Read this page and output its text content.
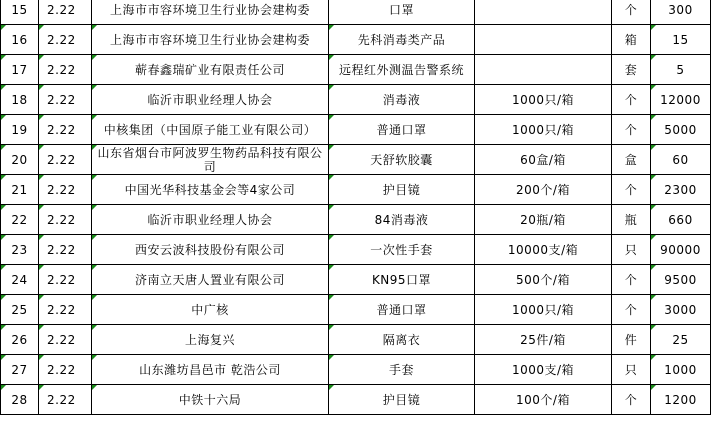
15	2.22	上海市市容环境卫生行业协会建构委	口罩		个	300
16	2.22	上海市市容环境卫生行业协会建构委	先科消毒类产品		箱	15
17	2.22	蕲春鑫瑞矿业有限责任公司	远程红外测温告警系统		套	5
18	2.22	临沂市职业经理人协会	消毒液	1000只/箱	个	12000
19	2.22	中核集团（中国原子能工业有限公司）	普通口罩	1000只/箱	个	5000
20	2.22	山东省烟台市阿波罗生物药品科技有限公司	天舒软胶囊	60盒/箱	盒	60
21	2.22	中国光华科技基金会等4家公司	护目镜	200个/箱	个	2300
22	2.22	临沂市职业经理人协会	84消毒液	20瓶/箱	瓶	660
23	2.22	西安云波科技股份有限公司	一次性手套	10000支/箱	只	90000
24	2.22	济南立天唐人置业有限公司	KN95口罩	500个/箱	个	9500
25	2.22	中广核	普通口罩	1000只/箱	个	3000
26	2.22	上海复兴	隔离衣	25件/箱	件	25
27	2.22	山东潍坊昌邑市 乾浩公司	手套	1000支/箱	只	1000
28	2.22	中铁十六局	护目镜	100个/箱	个	1200
